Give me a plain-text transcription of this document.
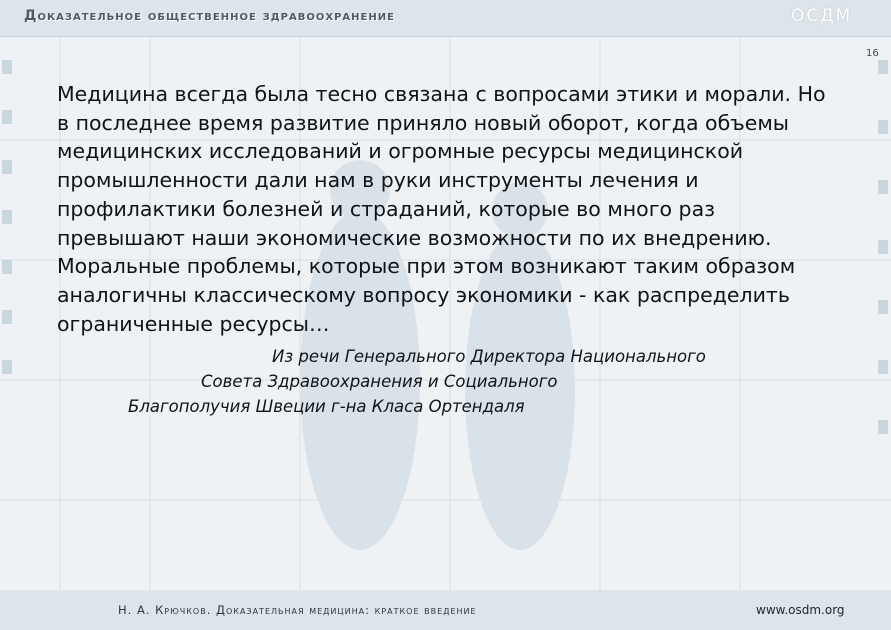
Доказательное общественное здравоохранение	ОСДМ
16

Медицина всегда была тесно связана с вопросами этики и морали. Но
в последнее время развитие приняло новый оборот, когда объемы
медицинских исследований и огромные ресурсы медицинской
промышленности дали нам в руки инструменты лечения и
профилактики болезней и страданий, которые во много раз
превышают наши экономические возможности по их внедрению.
Моральные проблемы, которые при этом возникают таким образом
аналогичны классическому вопросу экономики - как распределить
ограниченные ресурсы…

Из речи Генерального Директора Национального
Совета Здравоохранения и Социального
Благополучия Швеции г-на Класа Ортендаля
Н. А. Крючков. Доказательная медицина: краткое введение	www.osdm.org
